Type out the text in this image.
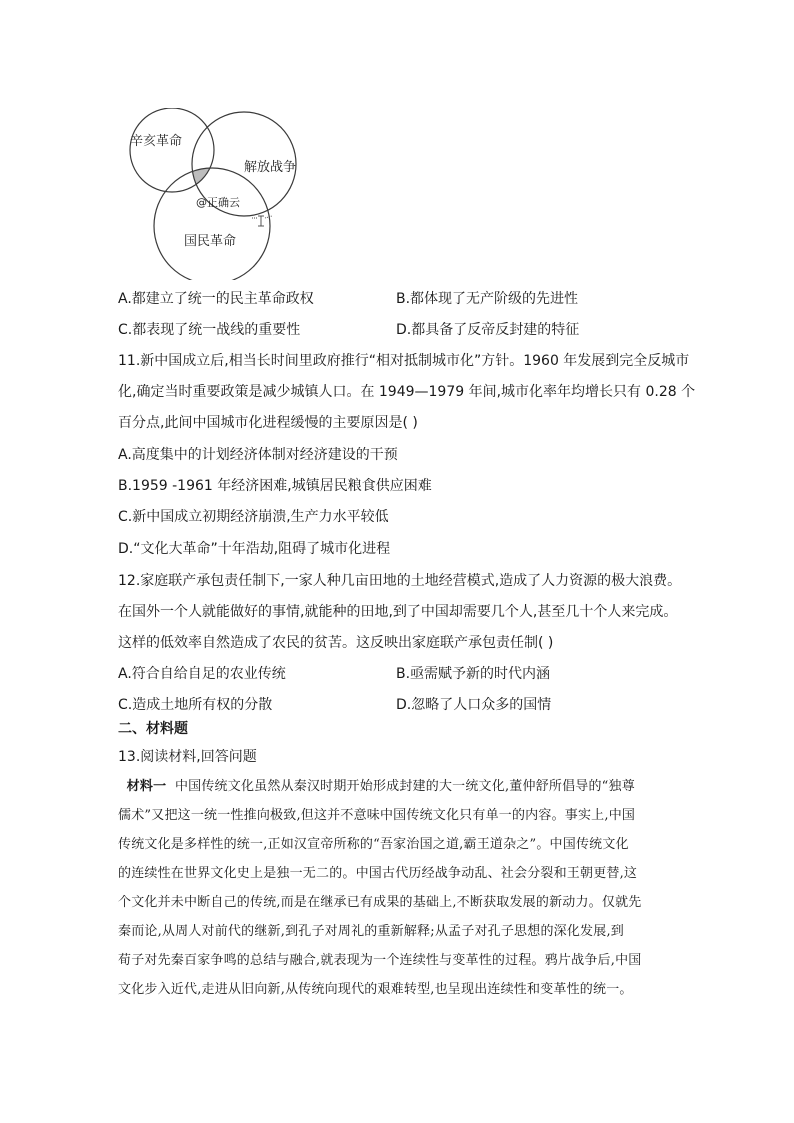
辛亥革命
解放战争
国民革命
@正确云
A.都建立了统一的民主革命政权	B.都体现了无产阶级的先进性
C.都表现了统一战线的重要性	D.都具备了反帝反封建的特征
11.新中国成立后,相当长时间里政府推行“相对抵制城市化”方针。1960 年发展到完全反城市
化,确定当时重要政策是减少城镇人口。在 1949—1979 年间,城市化率年均增长只有 0.28 个
百分点,此间中国城市化进程缓慢的主要原因是( )
A.高度集中的计划经济体制对经济建设的干预
B.1959 -1961 年经济困难,城镇居民粮食供应困难
C.新中国成立初期经济崩溃,生产力水平较低
D.“文化大革命”十年浩劫,阻碍了城市化进程
12.家庭联产承包责任制下,一家人种几亩田地的土地经营模式,造成了人力资源的极大浪费。
在国外一个人就能做好的事情,就能种的田地,到了中国却需要几个人,甚至几十个人来完成。
这样的低效率自然造成了农民的贫苦。这反映出家庭联产承包责任制( )
A.符合自给自足的农业传统	B.亟需赋予新的时代内涵
C.造成土地所有权的分散	D.忽略了人口众多的国情
二、材料题
13.阅读材料,回答问题
材料一 中国传统文化虽然从秦汉时期开始形成封建的大一统文化,董仲舒所倡导的“独尊
儒术”又把这一统一性推向极致,但这并不意味中国传统文化只有单一的内容。事实上,中国
传统文化是多样性的统一,正如汉宣帝所称的“吾家治国之道,霸王道杂之”。中国传统文化
的连续性在世界文化史上是独一无二的。中国古代历经战争动乱、社会分裂和王朝更替,这
个文化并未中断自己的传统,而是在继承已有成果的基础上,不断获取发展的新动力。仅就先
秦而论,从周人对前代的继新,到孔子对周礼的重新解释;从孟子对孔子思想的深化发展,到
荀子对先秦百家争鸣的总结与融合,就表现为一个连续性与变革性的过程。鸦片战争后,中国
文化步入近代,走进从旧向新,从传统向现代的艰难转型,也呈现出连续性和变革性的统一。
